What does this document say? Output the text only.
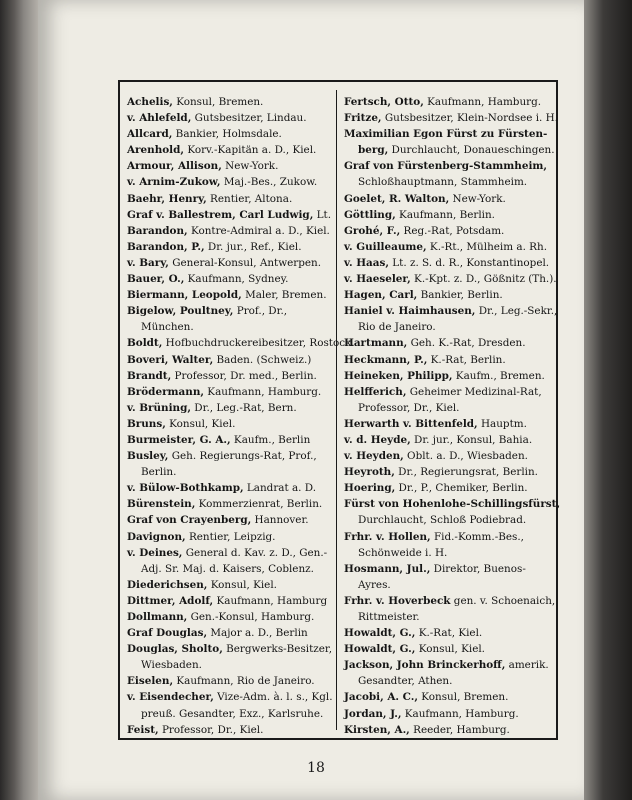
Achelis, Konsul, Bremen.
v. Ahlefeld, Gutsbesitzer, Lindau.
Allcard, Bankier, Holmsdale.
Arenhold, Korv.-Kapitän a. D., Kiel.
Armour, Allison, New-York.
v. Arnim-Zukow, Maj.-Bes., Zukow.
Baehr, Henry, Rentier, Altona.
Graf v. Ballestrem, Carl Ludwig, Lt.
Barandon, Kontre-Admiral a. D., Kiel.
Barandon, P., Dr. jur., Ref., Kiel.
v. Bary, General-Konsul, Antwerpen.
Bauer, O., Kaufmann, Sydney.
Biermann, Leopold, Maler, Bremen.
Bigelow, Poultney, Prof., Dr.,
München.
Boldt, Hofbuchdruckereibesitzer, Rostock.
Boveri, Walter, Baden. (Schweiz.)
Brandt, Professor, Dr. med., Berlin.
Brödermann, Kaufmann, Hamburg.
v. Brüning, Dr., Leg.-Rat, Bern.
Bruns, Konsul, Kiel.
Burmeister, G. A., Kaufm., Berlin
Busley, Geh. Regierungs-Rat, Prof.,
Berlin.
v. Bülow-Bothkamp, Landrat a. D.
Bürenstein, Kommerzienrat, Berlin.
Graf von Crayenberg, Hannover.
Davignon, Rentier, Leipzig.
v. Deines, General d. Kav. z. D., Gen.-
Adj. Sr. Maj. d. Kaisers, Coblenz.
Diederichsen, Konsul, Kiel.
Dittmer, Adolf, Kaufmann, Hamburg
Dollmann, Gen.-Konsul, Hamburg.
Graf Douglas, Major a. D., Berlin
Douglas, Sholto, Bergwerks-Besitzer,
Wiesbaden.
Eiselen, Kaufmann, Rio de Janeiro.
v. Eisendecher, Vize-Adm. à. l. s., Kgl.
preuß. Gesandter, Exz., Karlsruhe.
Feist, Professor, Dr., Kiel.
Fertsch, Otto, Kaufmann, Hamburg.
Fritze, Gutsbesitzer, Klein-Nordsee i. H.
Maximilian Egon Fürst zu Fürsten-
berg, Durchlaucht, Donaueschingen.
Graf von Fürstenberg-Stammheim,
Schloßhauptmann, Stammheim.
Goelet, R. Walton, New-York.
Göttling, Kaufmann, Berlin.
Grohé, F., Reg.-Rat, Potsdam.
v. Guilleaume, K.-Rt., Mülheim a. Rh.
v. Haas, Lt. z. S. d. R., Konstantinopel.
v. Haeseler, K.-Kpt. z. D., Gößnitz (Th.).
Hagen, Carl, Bankier, Berlin.
Haniel v. Haimhausen, Dr., Leg.-Sekr.,
Rio de Janeiro.
Hartmann, Geh. K.-Rat, Dresden.
Heckmann, P., K.-Rat, Berlin.
Heineken, Philipp, Kaufm., Bremen.
Helfferich, Geheimer Medizinal-Rat,
Professor, Dr., Kiel.
Herwarth v. Bittenfeld, Hauptm.
v. d. Heyde, Dr. jur., Konsul, Bahia.
v. Heyden, Oblt. a. D., Wiesbaden.
Heyroth, Dr., Regierungsrat, Berlin.
Hoering, Dr., P., Chemiker, Berlin.
Fürst von Hohenlohe-Schillingsfürst,
Durchlaucht, Schloß Podiebrad.
Frhr. v. Hollen, Fid.-Komm.-Bes.,
Schönweide i. H.
Hosmann, Jul., Direktor, Buenos-
Ayres.
Frhr. v. Hoverbeck gen. v. Schoenaich,
Rittmeister.
Howaldt, G., K.-Rat, Kiel.
Howaldt, G., Konsul, Kiel.
Jackson, John Brinckerhoff, amerik.
Gesandter, Athen.
Jacobi, A. C., Konsul, Bremen.
Jordan, J., Kaufmann, Hamburg.
Kirsten, A., Reeder, Hamburg.
18
